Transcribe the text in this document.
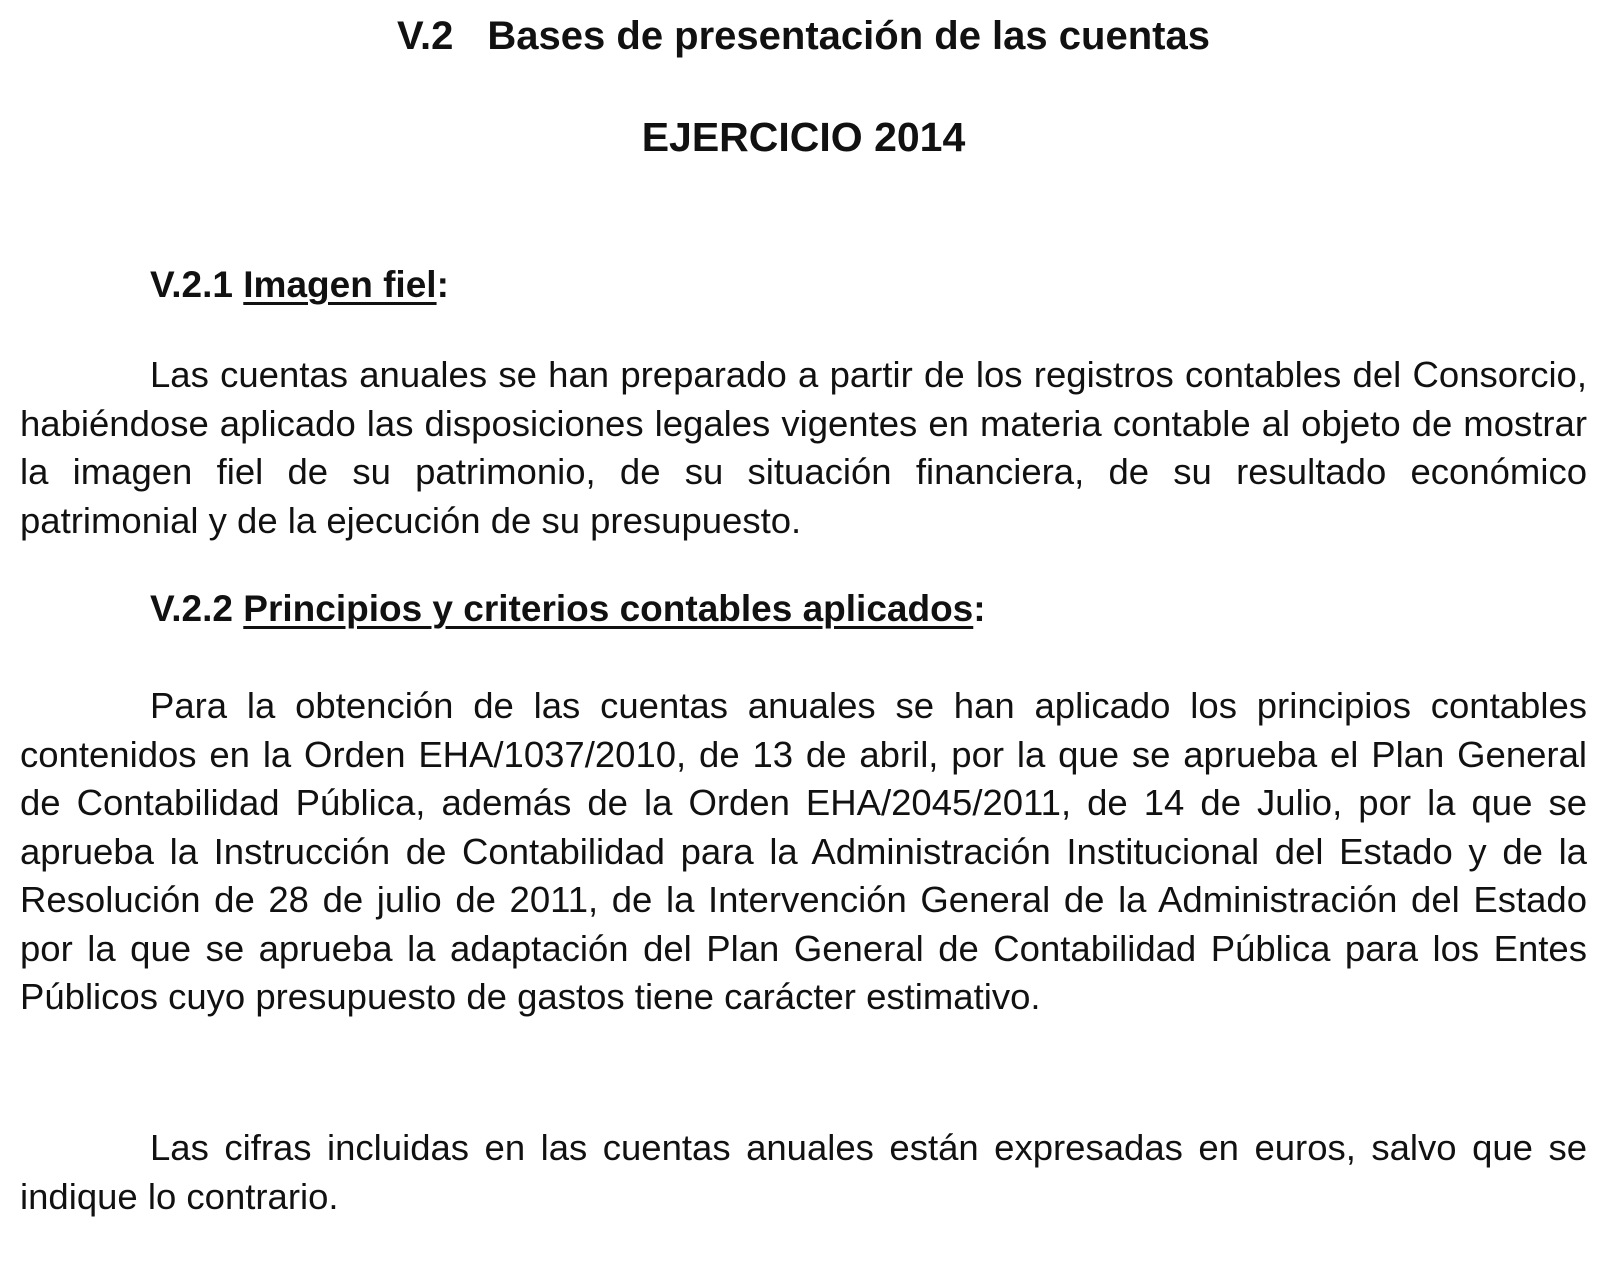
V.2 Bases de presentación de las cuentas
EJERCICIO 2014
V.2.1 Imagen fiel:

Las cuentas anuales se han preparado a partir de los registros contables del Consorcio, habiéndose aplicado las disposiciones legales vigentes en materia contable al objeto de mostrar la imagen fiel de su patrimonio, de su situación financiera, de su resultado económico patrimonial y de la ejecución de su presupuesto.

V.2.2 Principios y criterios contables aplicados:

Para la obtención de las cuentas anuales se han aplicado los principios contables contenidos en la Orden EHA/1037/2010, de 13 de abril, por la que se aprueba el Plan General de Contabilidad Pública, además de la Orden EHA/2045/2011, de 14 de Julio, por la que se aprueba la Instrucción de Contabilidad para la Administración Institucional del Estado y de la Resolución de 28 de julio de 2011, de la Intervención General de la Administración del Estado por la que se aprueba la adaptación del Plan General de Contabilidad Pública para los Entes Públicos cuyo presupuesto de gastos tiene carácter estimativo.

Las cifras incluidas en las cuentas anuales están expresadas en euros, salvo que se indique lo contrario.
